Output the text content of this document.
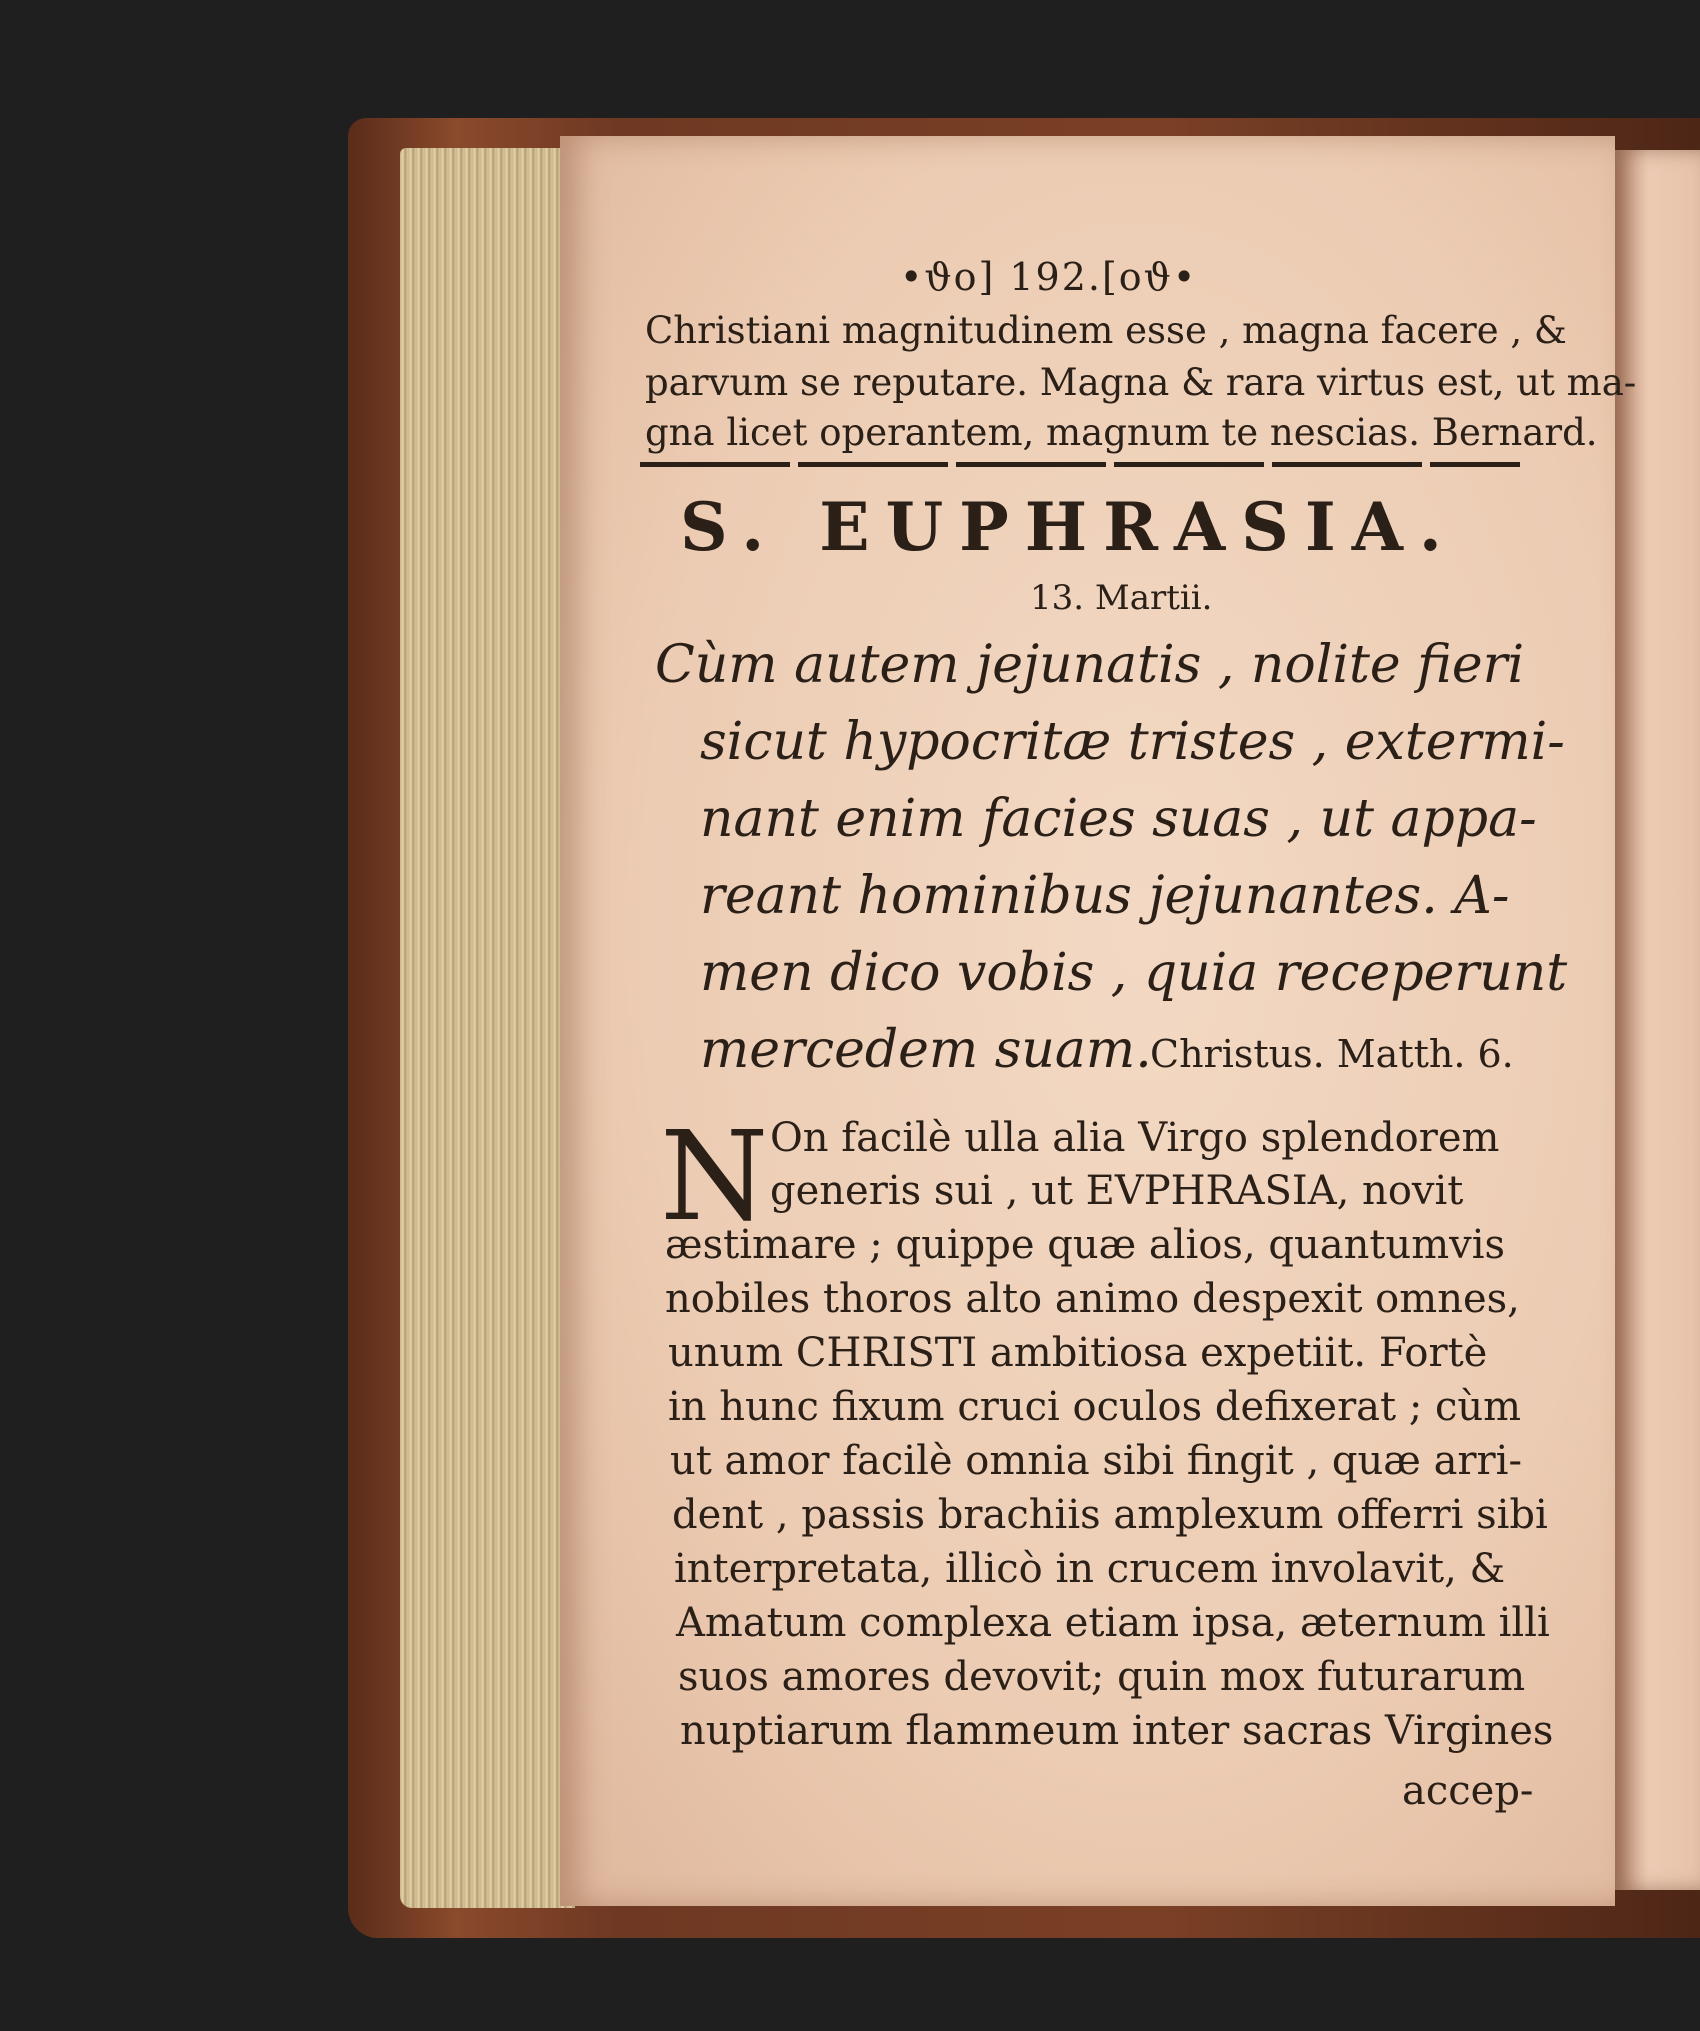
•ϑo] 192.[oϑ•
Christiani magnitudinem esse , magna facere , &
parvum se reputare. Magna & rara virtus est, ut ma-
gna licet operantem, magnum te nescias. Bernard.
S. EUPHRASIA.
13. Martii.
Cùm autem jejunatis , nolite fieri
sicut hypocritæ tristes , extermi-
nant enim facies suas , ut appa-
reant hominibus jejunantes. A-
men dico vobis , quia receperunt
mercedem suam.
Christus. Matth. 6.
N On facilè ulla alia Virgo splendorem
generis sui , ut EVPHRASIA, novit
æstimare ; quippe quæ alios, quantumvis
nobiles thoros alto animo despexit omnes,
unum CHRISTI ambitiosa expetiit. Fortè
in hunc fixum cruci oculos defixerat ; cùm
ut amor facilè omnia sibi fingit , quæ arri-
dent , passis brachiis amplexum offerri sibi
interpretata, illicò in crucem involavit, &
Amatum complexa etiam ipsa, æternum illi
suos amores devovit; quin mox futurarum
nuptiarum flammeum inter sacras Virgines
accep-
